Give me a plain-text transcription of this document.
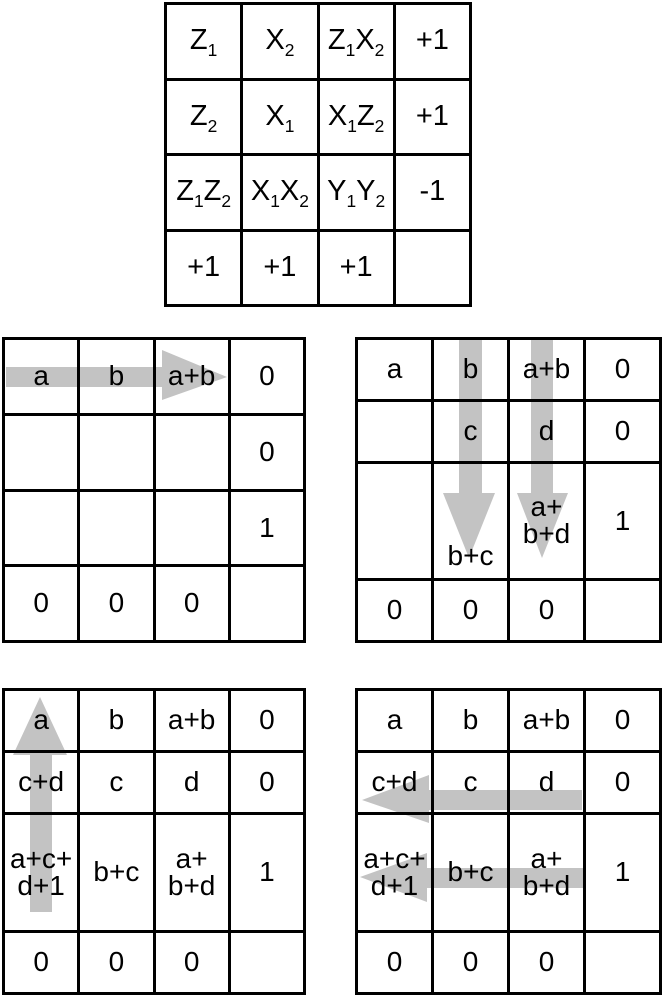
$Z_1$	$X_2$	$Z_1X_2$	+1
$Z_2$	$X_1$	$X_1Z_2$	+1
$Z_1Z_2$	$X_1X_2$	$Y_1Y_2$	-1
+1	+1	+1	
a	b	a+b	0
			0
			1
0	0	0	
a	b	a+b	0
	c	d	0
	b+c	a+
b+d	1
0	0	0	
a	b	a+b	0
c+d	c	d	0
a+c+
d+1	b+c	a+
b+d	1
0	0	0	
a	b	a+b	0
c+d	c	d	0
a+c+
d+1	b+c	a+
b+d	1
0	0	0	
